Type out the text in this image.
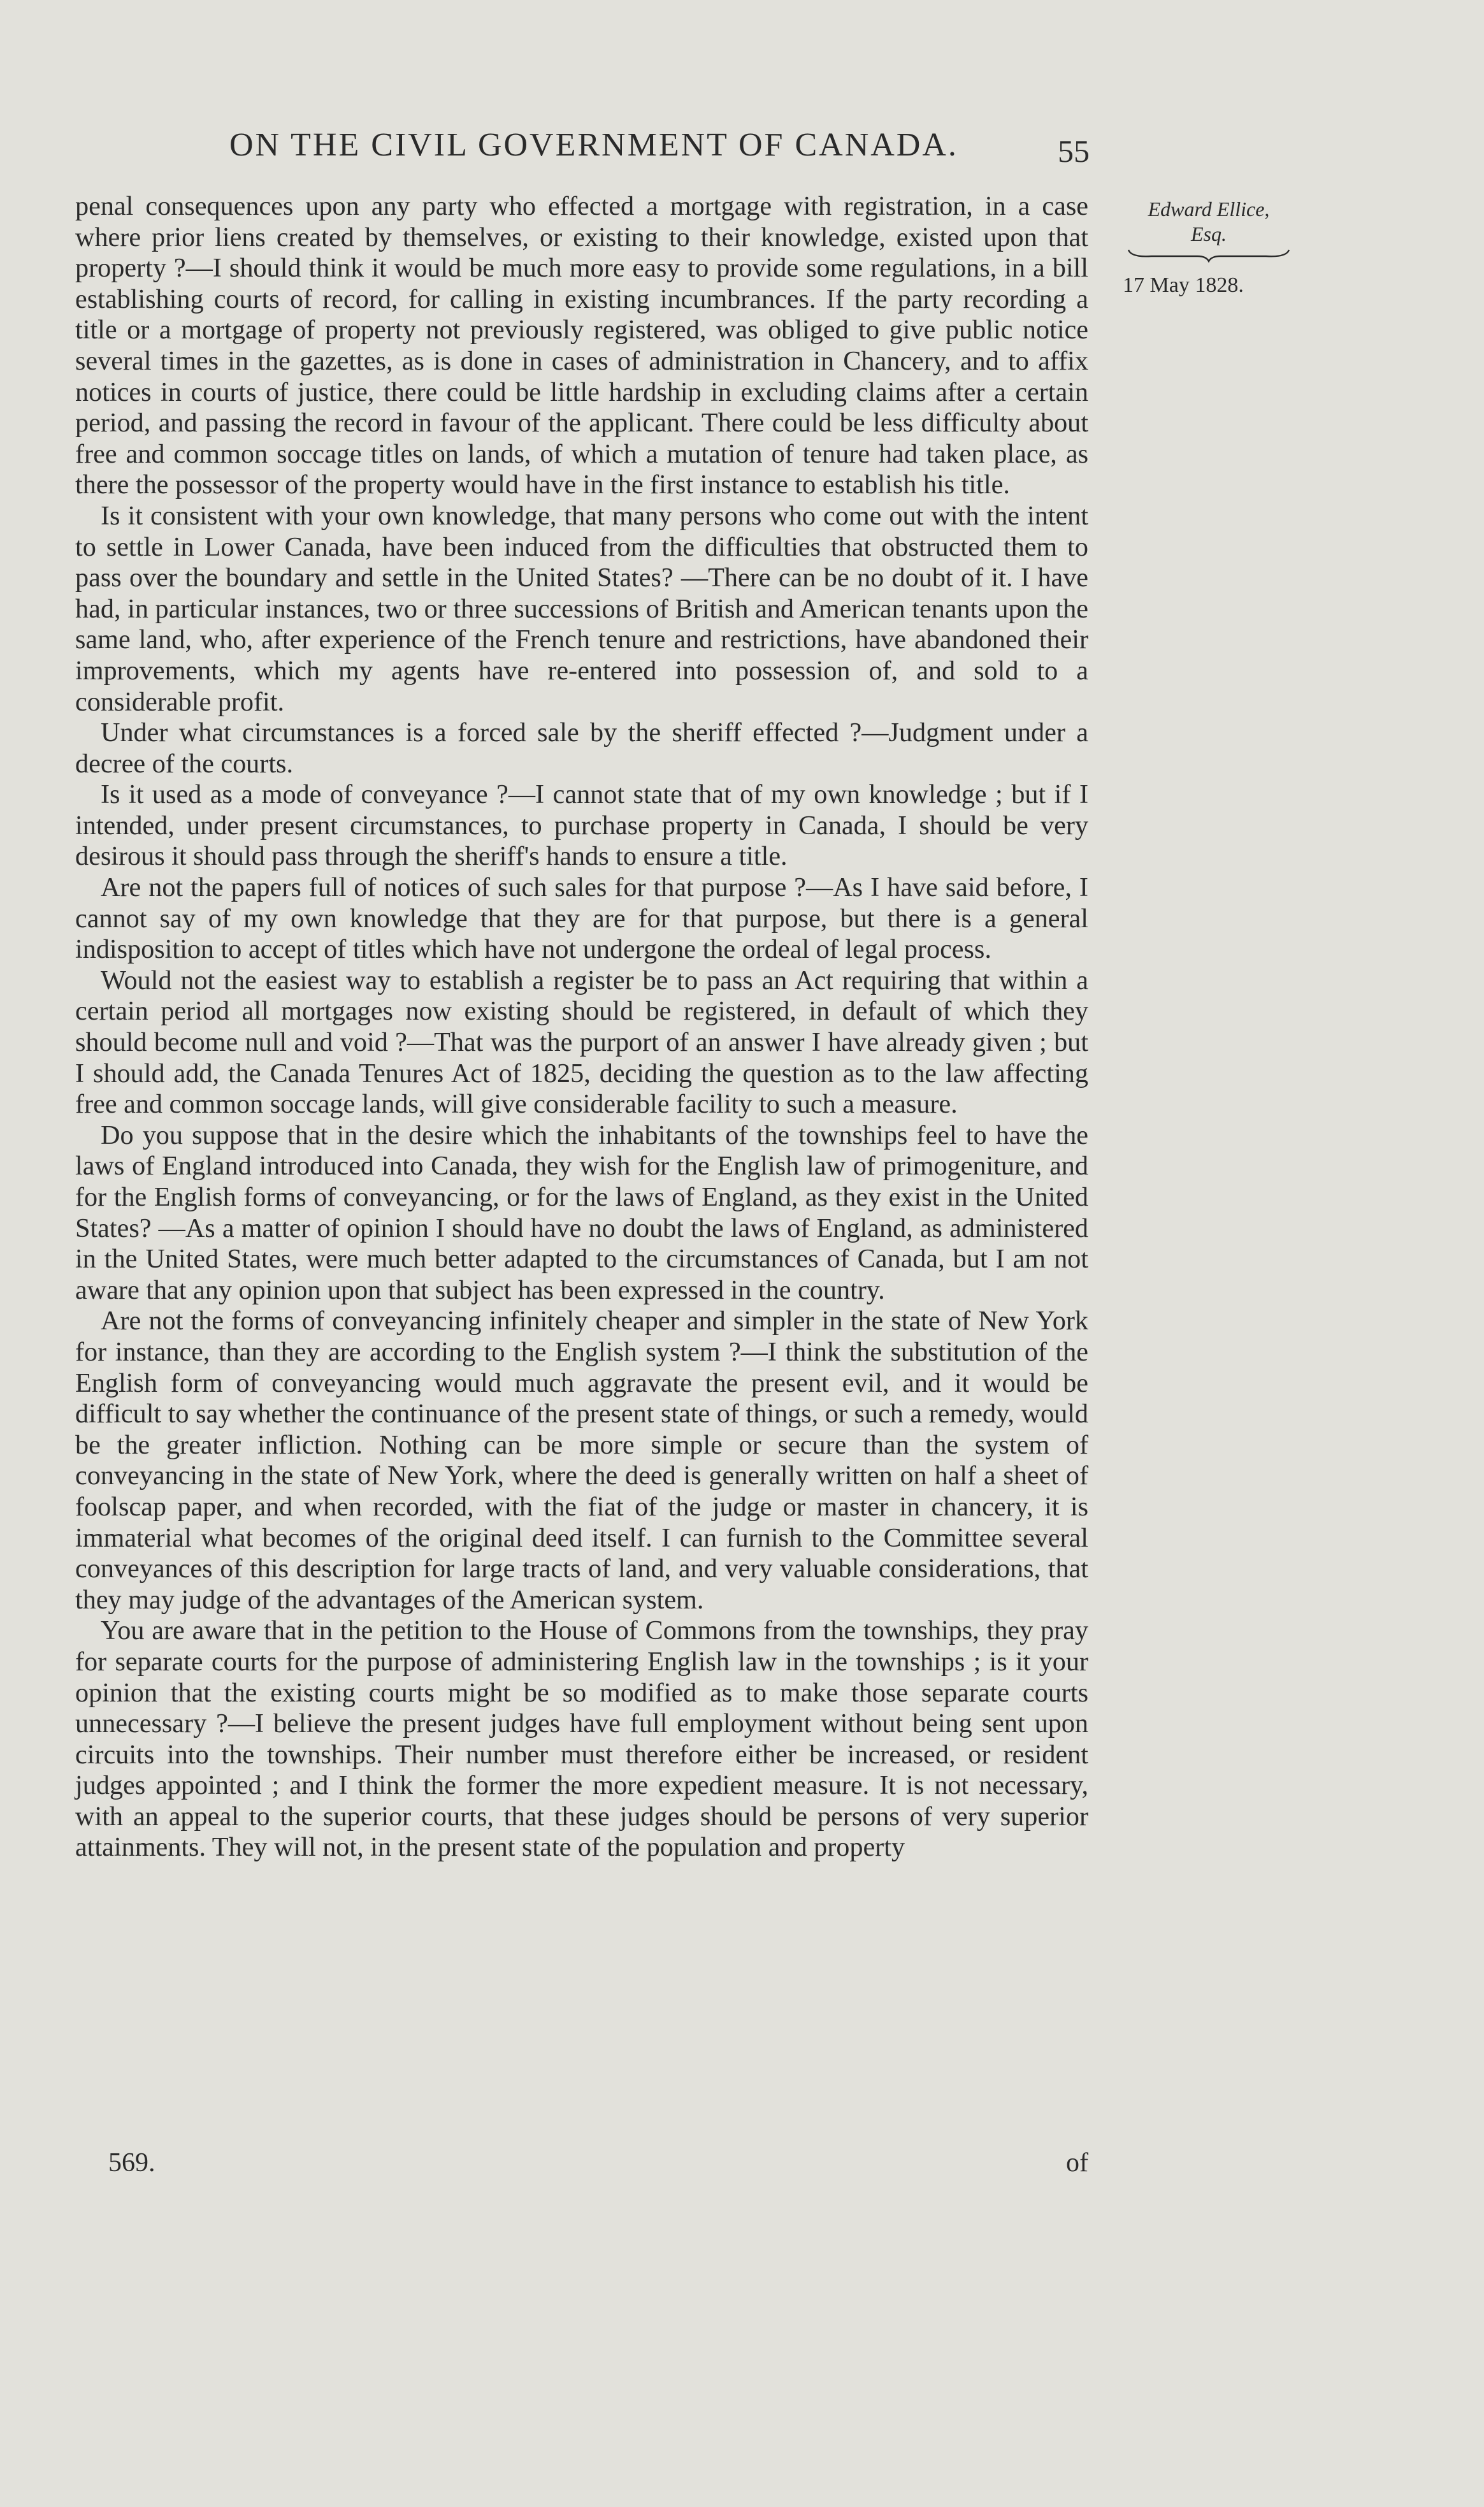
ON THE CIVIL GOVERNMENT OF CANADA.	55

penal consequences upon any party who effected a mortgage with registration, in a case where prior liens created by themselves, or existing to their knowledge, existed upon that property ?—I should think it would be much more easy to provide some regulations, in a bill establishing courts of record, for calling in existing incumbrances. If the party recording a title or a mortgage of property not previously registered, was obliged to give public notice several times in the gazettes, as is done in cases of administration in Chancery, and to affix notices in courts of justice, there could be little hardship in excluding claims after a certain period, and passing the record in favour of the applicant. There could be less difficulty about free and common soccage titles on lands, of which a mutation of tenure had taken place, as there the possessor of the property would have in the first instance to establish his title.

Is it consistent with your own knowledge, that many persons who come out with the intent to settle in Lower Canada, have been induced from the difficulties that obstructed them to pass over the boundary and settle in the United States? —There can be no doubt of it. I have had, in particular instances, two or three successions of British and American tenants upon the same land, who, after experience of the French tenure and restrictions, have abandoned their improvements, which my agents have re-entered into possession of, and sold to a considerable profit.

Under what circumstances is a forced sale by the sheriff effected ?—Judgment under a decree of the courts.

Is it used as a mode of conveyance ?—I cannot state that of my own knowledge ; but if I intended, under present circumstances, to purchase property in Canada, I should be very desirous it should pass through the sheriff's hands to ensure a title.

Are not the papers full of notices of such sales for that purpose ?—As I have said before, I cannot say of my own knowledge that they are for that purpose, but there is a general indisposition to accept of titles which have not undergone the ordeal of legal process.

Would not the easiest way to establish a register be to pass an Act requiring that within a certain period all mortgages now existing should be registered, in default of which they should become null and void ?—That was the purport of an answer I have already given ; but I should add, the Canada Tenures Act of 1825, deciding the question as to the law affecting free and common soccage lands, will give considerable facility to such a measure.

Do you suppose that in the desire which the inhabitants of the townships feel to have the laws of England introduced into Canada, they wish for the English law of primogeniture, and for the English forms of conveyancing, or for the laws of England, as they exist in the United States? —As a matter of opinion I should have no doubt the laws of England, as administered in the United States, were much better adapted to the circumstances of Canada, but I am not aware that any opinion upon that subject has been expressed in the country.

Are not the forms of conveyancing infinitely cheaper and simpler in the state of New York for instance, than they are according to the English system ?—I think the substitution of the English form of conveyancing would much aggravate the present evil, and it would be difficult to say whether the continuance of the present state of things, or such a remedy, would be the greater infliction. Nothing can be more simple or secure than the system of conveyancing in the state of New York, where the deed is generally written on half a sheet of foolscap paper, and when recorded, with the fiat of the judge or master in chancery, it is immaterial what becomes of the original deed itself. I can furnish to the Committee several conveyances of this description for large tracts of land, and very valuable considerations, that they may judge of the advantages of the American system.

You are aware that in the petition to the House of Commons from the townships, they pray for separate courts for the purpose of administering English law in the townships ; is it your opinion that the existing courts might be so modified as to make those separate courts unnecessary ?—I believe the present judges have full employment without being sent upon circuits into the townships. Their number must therefore either be increased, or resident judges appointed ; and I think the former the more expedient measure. It is not necessary, with an appeal to the superior courts, that these judges should be persons of very superior attainments. They will not, in the present state of the population and property

Edward Ellice,
Esq.
17 May 1828.
569.	of
